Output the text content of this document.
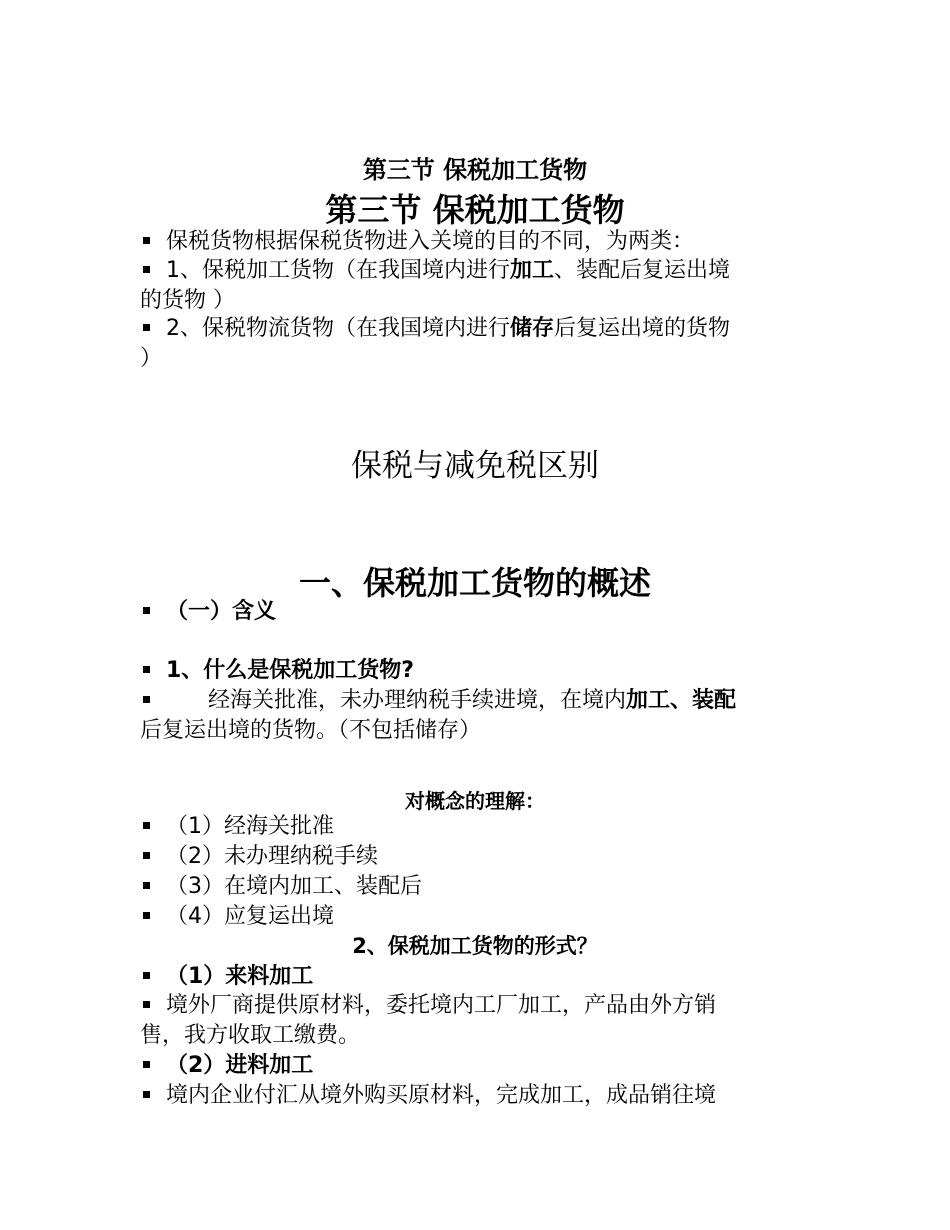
第三节 保税加工货物
第三节 保税加工货物
保税货物根据保税货物进入关境的目的不同，为两类：
1、保税加工货物（在我国境内进行加工、装配后复运出境
的货物 ）
2、保税物流货物（在我国境内进行储存后复运出境的货物
）
保税与减免税区别
一、保税加工货物的概述
（一）含义
1、什么是保税加工货物?
经海关批准，未办理纳税手续进境，在境内加工、装配
后复运出境的货物。（不包括储存）
对概念的理解：
（1）经海关批准
（2）未办理纳税手续
（3）在境内加工、装配后
（4）应复运出境
2、保税加工货物的形式？
（1）来料加工
境外厂商提供原材料，委托境内工厂加工，产品由外方销
售，我方收取工缴费。
（2）进料加工
境内企业付汇从境外购买原材料，完成加工，成品销往境
